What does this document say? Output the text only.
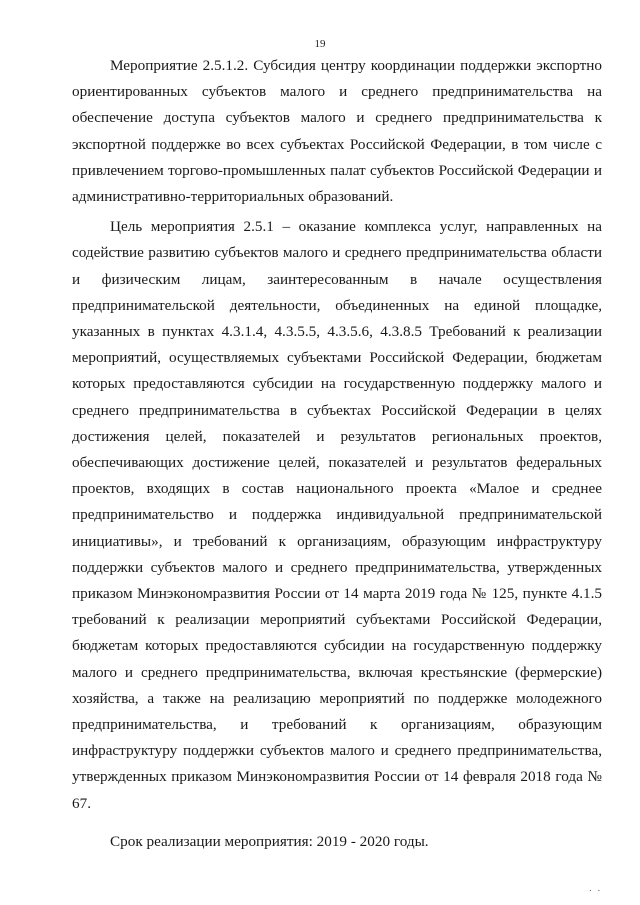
19

Мероприятие 2.5.1.2. Субсидия центру координации поддержки экспортно ориентированных субъектов малого и среднего предпринимательства на обеспечение доступа субъектов малого и среднего предпринимательства к экспортной поддержке во всех субъектах Российской Федерации, в том числе с привлечением торгово-промышленных палат субъектов Российской Федерации и административно-территориальных образований.

Цель мероприятия 2.5.1 – оказание комплекса услуг, направленных на содействие развитию субъектов малого и среднего предпринимательства области и физическим лицам, заинтересованным в начале осуществления предпринимательской деятельности, объединенных на единой площадке, указанных в пунктах 4.3.1.4, 4.3.5.5, 4.3.5.6, 4.3.8.5 Требований к реализации мероприятий, осуществляемых субъектами Российской Федерации, бюджетам которых предоставляются субсидии на государственную поддержку малого и среднего предпринимательства в субъектах Российской Федерации в целях достижения целей, показателей и результатов региональных проектов, обеспечивающих достижение целей, показателей и результатов федеральных проектов, входящих в состав национального проекта «Малое и среднее предпринимательство и поддержка индивидуальной предпринимательской инициативы», и требований к организациям, образующим инфраструктуру поддержки субъектов малого и среднего предпринимательства, утвержденных приказом Минэкономразвития России от 14 марта 2019 года № 125, пункте 4.1.5 требований к реализации мероприятий субъектами Российской Федерации, бюджетам которых предоставляются субсидии на государственную поддержку малого и среднего предпринимательства, включая крестьянские (фермерские) хозяйства, а также на реализацию мероприятий по поддержке молодежного предпринимательства, и требований к организациям, образующим инфраструктуру поддержки субъектов малого и среднего предпринимательства, утвержденных приказом Минэкономразвития России от 14 февраля 2018 года № 67.

Срок реализации мероприятия: 2019 - 2020 годы.

. .
